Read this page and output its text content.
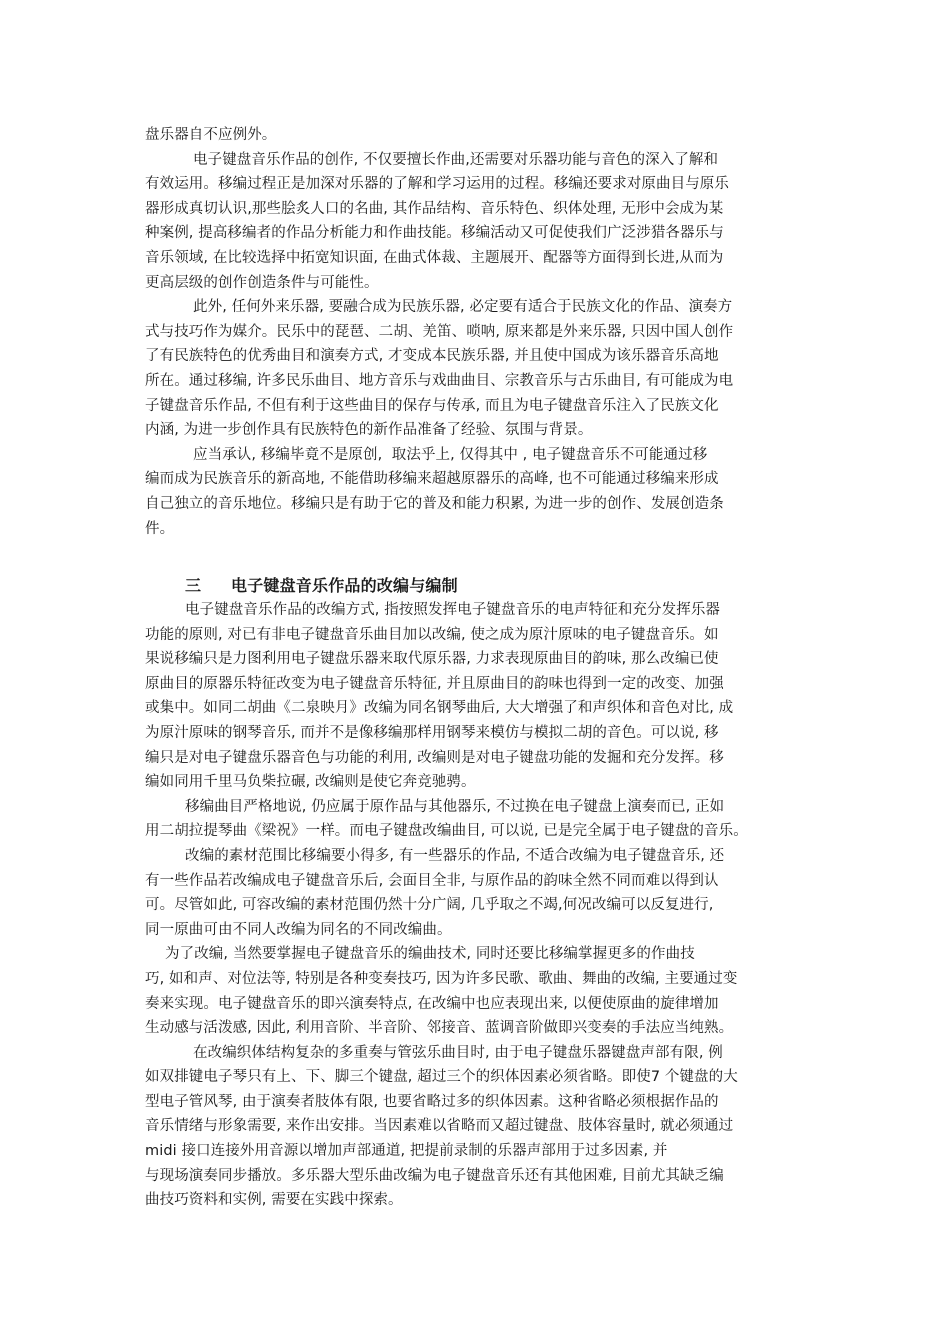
盘乐器自不应例外。
电子键盘音乐作品的创作, 不仅要擅长作曲,还需要对乐器功能与音色的深入了解和
有效运用。移编过程正是加深对乐器的了解和学习运用的过程。移编还要求对原曲目与原乐
器形成真切认识,那些脍炙人口的名曲, 其作品结构、音乐特色、织体处理, 无形中会成为某
种案例, 提高移编者的作品分析能力和作曲技能。移编活动又可促使我们广泛涉猎各器乐与
音乐领域, 在比较选择中拓宽知识面, 在曲式体裁、主题展开、配器等方面得到长进,从而为
更高层级的创作创造条件与可能性。
此外, 任何外来乐器, 要融合成为民族乐器, 必定要有适合于民族文化的作品、演奏方
式与技巧作为媒介。民乐中的琵琶、二胡、羌笛、唢呐, 原来都是外来乐器, 只因中国人创作
了有民族特色的优秀曲目和演奏方式, 才变成本民族乐器, 并且使中国成为该乐器音乐高地
所在。通过移编, 许多民乐曲目、地方音乐与戏曲曲目、宗教音乐与古乐曲目, 有可能成为电
子键盘音乐作品, 不但有利于这些曲目的保存与传承, 而且为电子键盘音乐注入了民族文化
内涵, 为进一步创作具有民族特色的新作品准备了经验、氛围与背景。
应当承认, 移编毕竟不是原创, 󠄀 取法乎上, 仅得其中 , 电子键盘音乐不可能通过移
编而成为民族音乐的新高地, 不能借助移编来超越原器乐的高峰, 也不可能通过移编来形成
自己独立的音乐地位。移编只是有助于它的普及和能力积累, 为进一步的创作、发展创造条
件。
三 电子键盘音乐作品的改编与编制
电子键盘音乐作品的改编方式, 指按照发挥电子键盘音乐的电声特征和充分发挥乐器
功能的原则, 对已有非电子键盘音乐曲目加以改编, 使之成为原汁原味的电子键盘音乐。如
果说移编只是力图利用电子键盘乐器来取代原乐器, 力求表现原曲目的韵味, 那么改编已使
原曲目的原器乐特征改变为电子键盘音乐特征, 并且原曲目的韵味也得到一定的改变、加强
或集中。如同二胡曲《二泉映月》改编为同名钢琴曲后, 大大增强了和声织体和音色对比, 成
为原汁原味的钢琴音乐, 而并不是像移编那样用钢琴来模仿与模拟二胡的音色。可以说, 移
编只是对电子键盘乐器音色与功能的利用, 改编则是对电子键盘功能的发掘和充分发挥。移
编如同用千里马负柴拉碾, 改编则是使它奔竞驰骋。
移编曲目严格地说, 仍应属于原作品与其他器乐, 不过换在电子键盘上演奏而已, 正如
用二胡拉提琴曲《梁祝》一样。而电子键盘改编曲目, 可以说, 已是完全属于电子键盘的音乐。
改编的素材范围比移编要小得多, 有一些器乐的作品, 不适合改编为电子键盘音乐, 还
有一些作品若改编成电子键盘音乐后, 会面目全非, 与原作品的韵味全然不同而难以得到认
可。尽管如此, 可容改编的素材范围仍然十分广阔, 几乎取之不竭,何况改编可以反复进行,
同一原曲可由不同人改编为同名的不同改编曲。
为了改编, 当然要掌握电子键盘音乐的编曲技术, 同时还要比移编掌握更多的作曲技
巧, 如和声、对位法等, 特别是各种变奏技巧, 因为许多民歌、歌曲、舞曲的改编, 主要通过变
奏来实现。电子键盘音乐的即兴演奏特点, 在改编中也应表现出来, 以便使原曲的旋律增加
生动感与活泼感, 因此, 利用音阶、半音阶、邻接音、蓝调音阶做即兴变奏的手法应当纯熟。
在改编织体结构复杂的多重奏与管弦乐曲目时, 由于电子键盘乐器键盘声部有限, 例
如双排键电子琴只有上、下、脚三个键盘, 超过三个的织体因素必须省略。即使7 个键盘的大
型电子管风琴, 由于演奏者肢体有限, 也要省略过多的织体因素。这种省略必须根据作品的
音乐情绪与形象需要, 来作出安排。当因素难以省略而又超过键盘、肢体容量时, 就必须通过
midi 接口连接外用音源以增加声部通道, 把提前录制的乐器声部用于过多因素, 并
与现场演奏同步播放。多乐器大型乐曲改编为电子键盘音乐还有其他困难, 目前尤其缺乏编
曲技巧资料和实例, 需要在实践中探索。
